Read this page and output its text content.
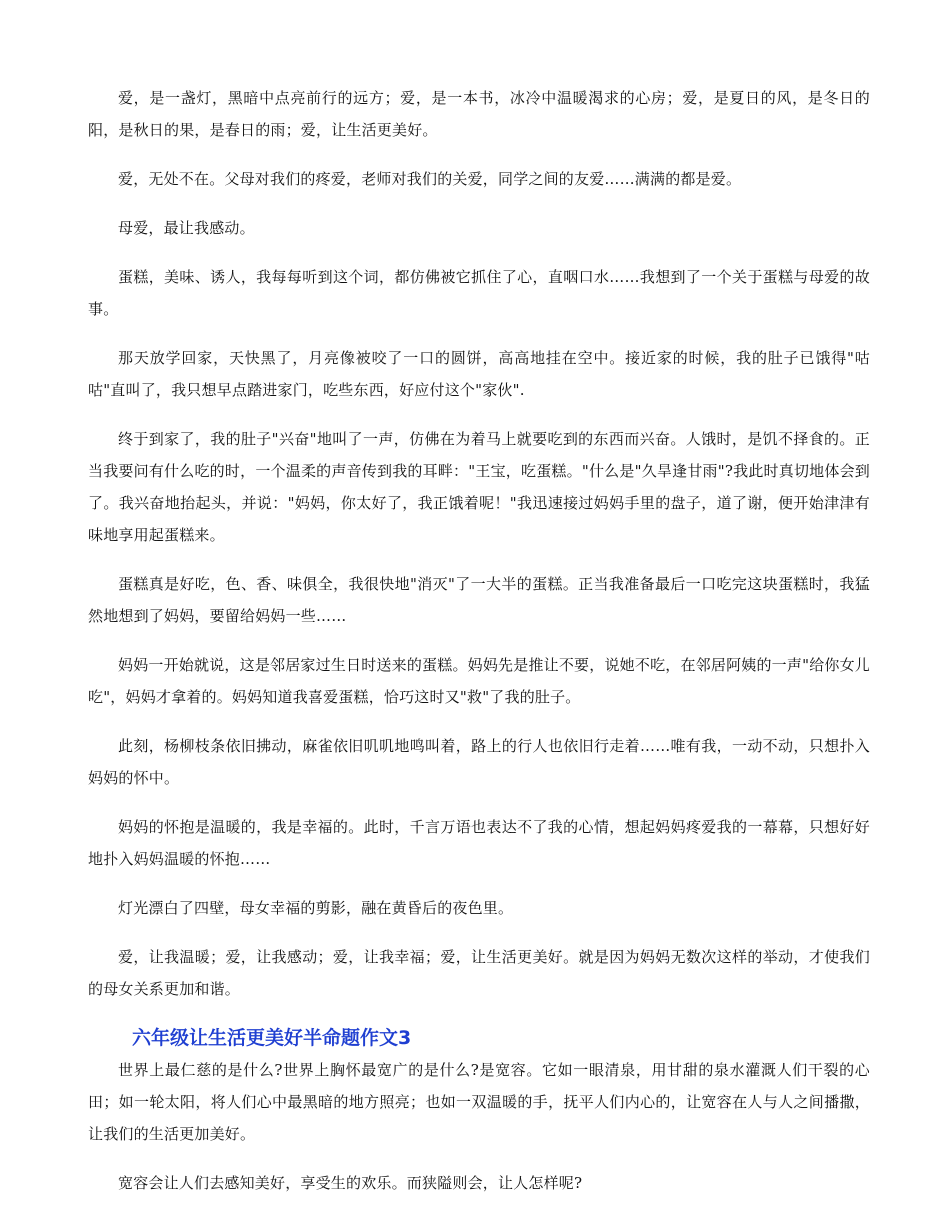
爱，是一盏灯，黑暗中点亮前行的远方；爱，是一本书，冰冷中温暖渴求的心房；爱，是夏日的风，是冬日的阳，是秋日的果，是春日的雨；爱，让生活更美好。

爱，无处不在。父母对我们的疼爱，老师对我们的关爱，同学之间的友爱……满满的都是爱。

母爱，最让我感动。

蛋糕，美味、诱人，我每每听到这个词，都仿佛被它抓住了心，直咽口水……我想到了一个关于蛋糕与母爱的故事。

那天放学回家，天快黑了，月亮像被咬了一口的圆饼，高高地挂在空中。接近家的时候，我的肚子已饿得"咕咕"直叫了，我只想早点踏进家门，吃些东西，好应付这个"家伙".

终于到家了，我的肚子"兴奋"地叫了一声，仿佛在为着马上就要吃到的东西而兴奋。人饿时，是饥不择食的。正当我要问有什么吃的时，一个温柔的声音传到我的耳畔："王宝，吃蛋糕。"什么是"久旱逢甘雨"?我此时真切地体会到了。我兴奋地抬起头，并说："妈妈，你太好了，我正饿着呢！"我迅速接过妈妈手里的盘子，道了谢，便开始津津有味地享用起蛋糕来。

蛋糕真是好吃，色、香、味俱全，我很快地"消灭"了一大半的蛋糕。正当我准备最后一口吃完这块蛋糕时，我猛然地想到了妈妈，要留给妈妈一些……

妈妈一开始就说，这是邻居家过生日时送来的蛋糕。妈妈先是推让不要，说她不吃，在邻居阿姨的一声"给你女儿吃"，妈妈才拿着的。妈妈知道我喜爱蛋糕，恰巧这时又"救"了我的肚子。

此刻，杨柳枝条依旧拂动，麻雀依旧叽叽地鸣叫着，路上的行人也依旧行走着……唯有我，一动不动，只想扑入妈妈的怀中。

妈妈的怀抱是温暖的，我是幸福的。此时，千言万语也表达不了我的心情，想起妈妈疼爱我的一幕幕，只想好好地扑入妈妈温暖的怀抱……

灯光漂白了四壁，母女幸福的剪影，融在黄昏后的夜色里。

爱，让我温暖；爱，让我感动；爱，让我幸福；爱，让生活更美好。就是因为妈妈无数次这样的举动，才使我们的母女关系更加和谐。

六年级让生活更美好半命题作文3

世界上最仁慈的是什么?世界上胸怀最宽广的是什么?是宽容。它如一眼清泉，用甘甜的泉水灌溉人们干裂的心田；如一轮太阳，将人们心中最黑暗的地方照亮；也如一双温暖的手，抚平人们内心的，让宽容在人与人之间播撒，让我们的生活更加美好。

宽容会让人们去感知美好，享受生的欢乐。而狭隘则会，让人怎样呢?
